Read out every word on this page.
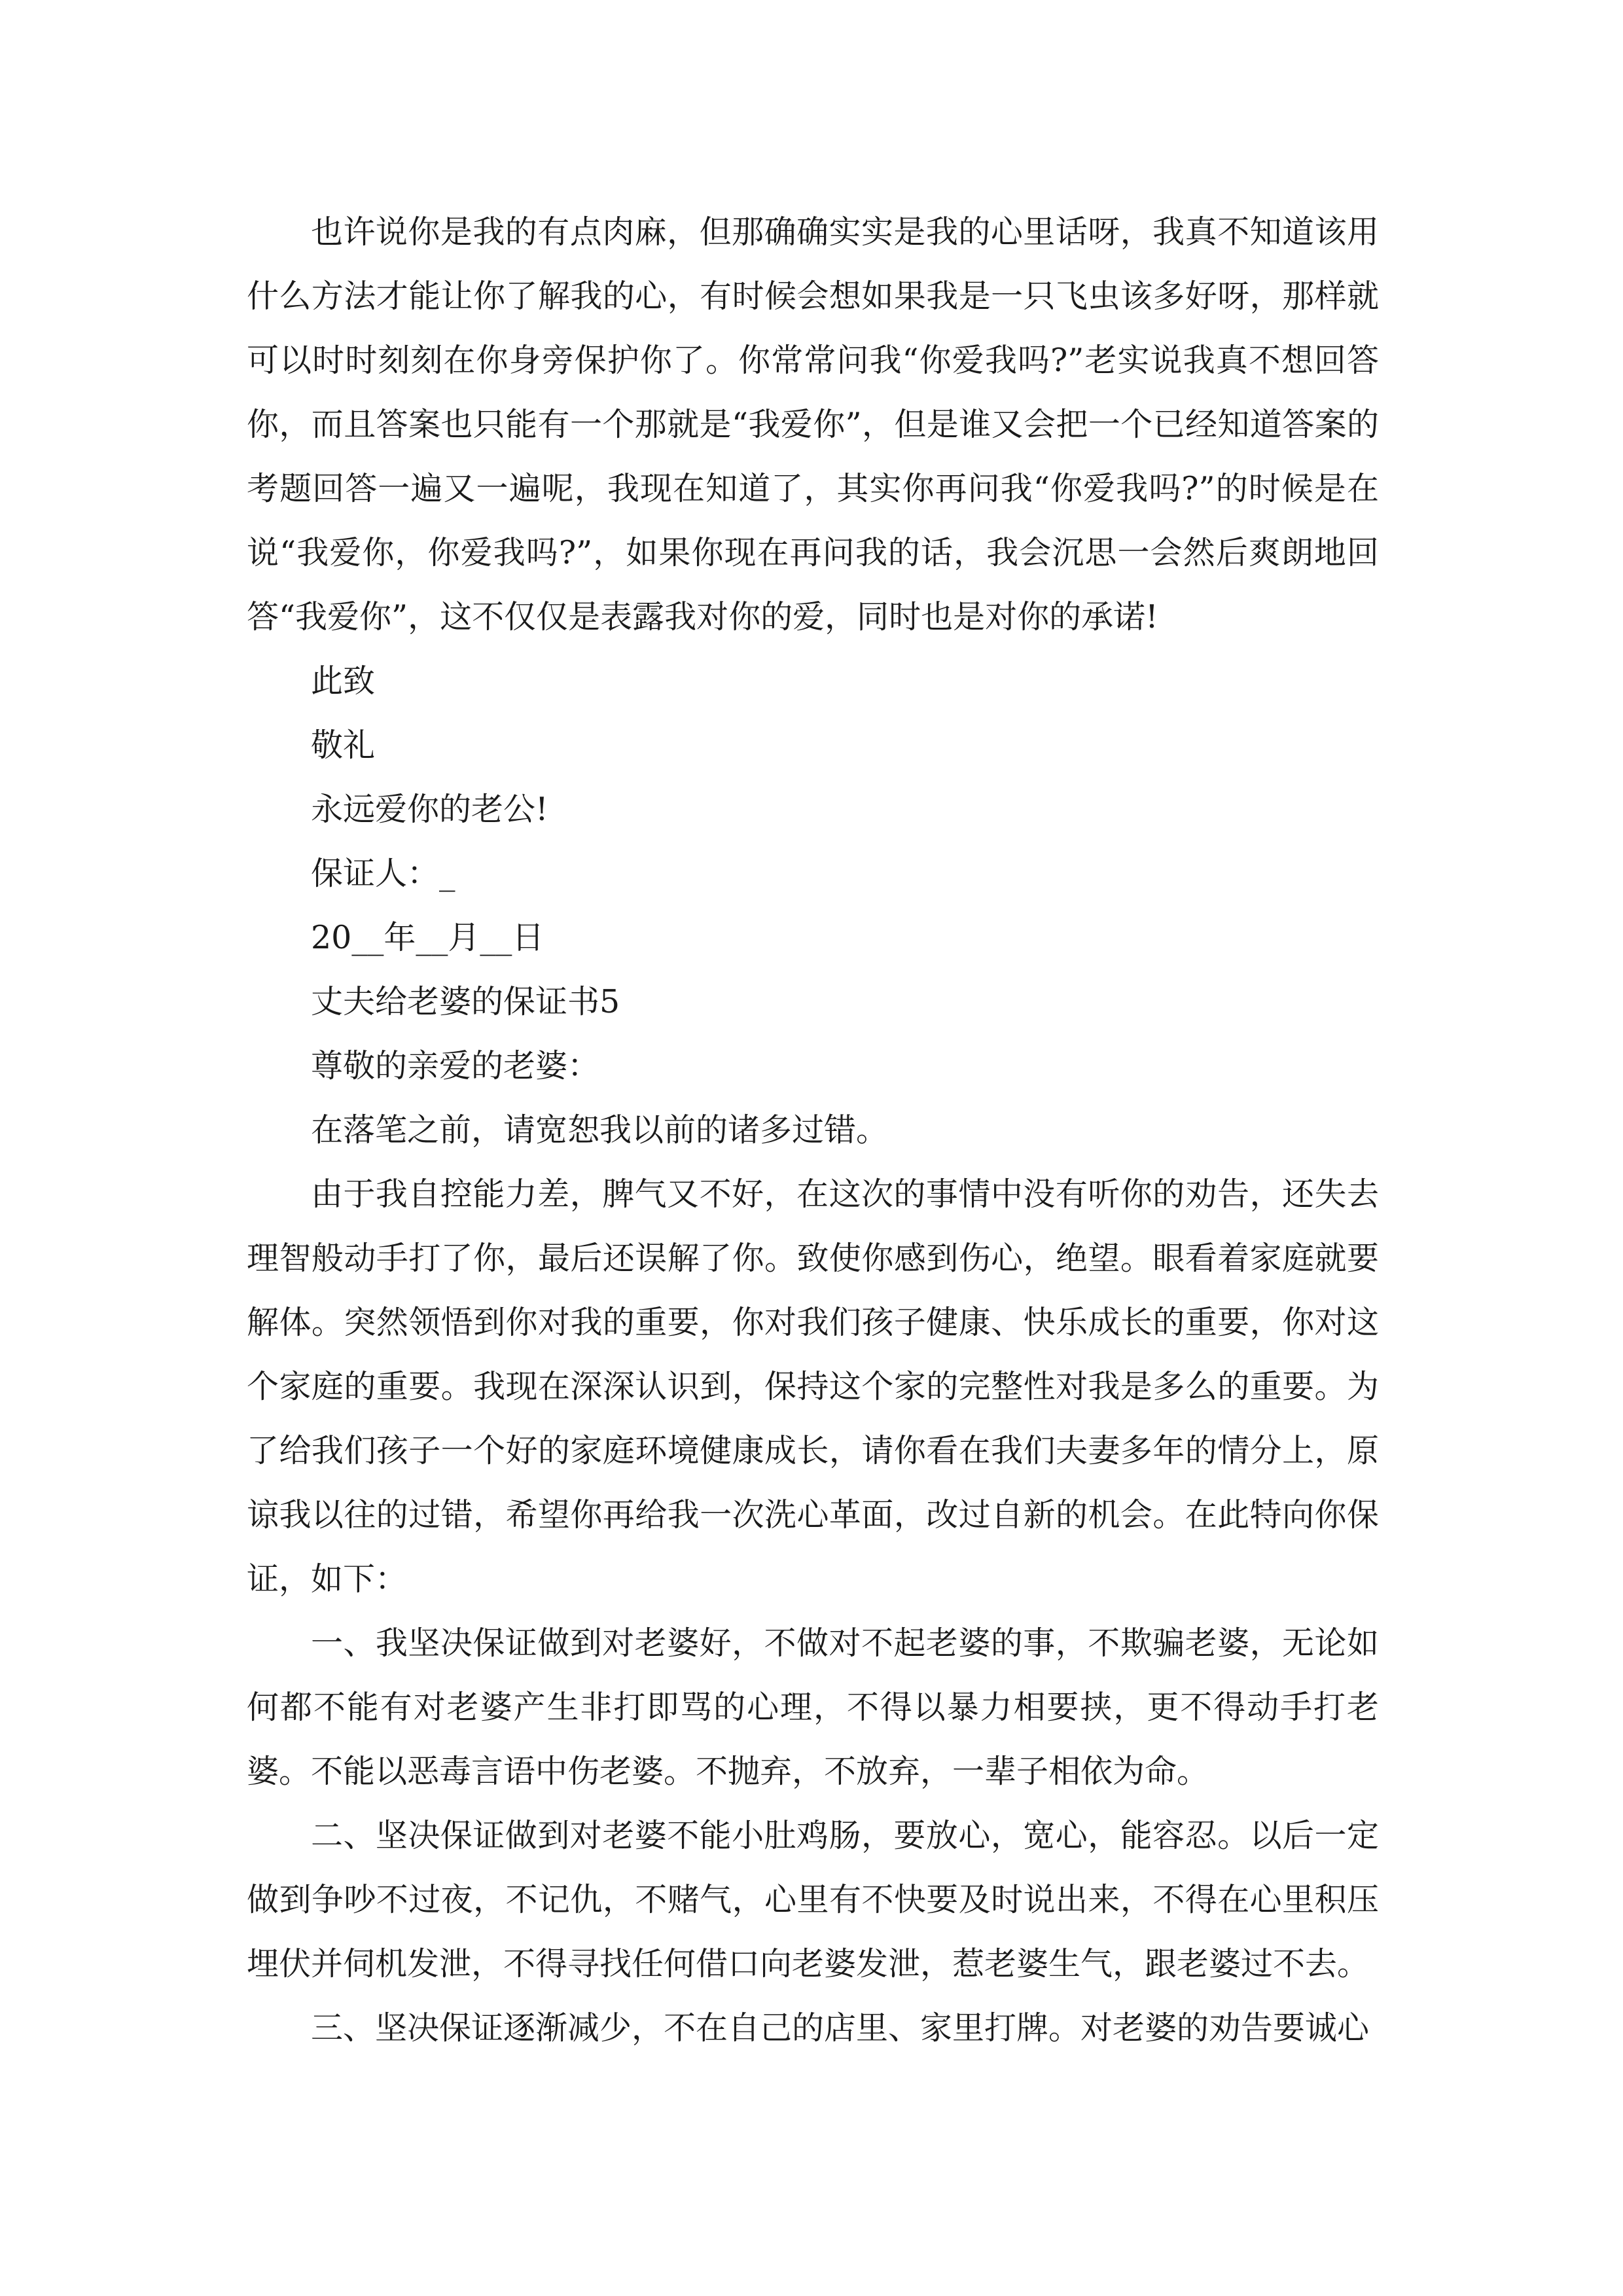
也许说你是我的有点肉麻，但那确确实实是我的心里话呀，我真不知道该用什么方法才能让你了解我的心，有时候会想如果我是一只飞虫该多好呀，那样就可以时时刻刻在你身旁保护你了。你常常问我“你爱我吗?”老实说我真不想回答你，而且答案也只能有一个那就是“我爱你”，但是谁又会把一个已经知道答案的考题回答一遍又一遍呢，我现在知道了，其实你再问我“你爱我吗?”的时候是在说“我爱你，你爱我吗?”，如果你现在再问我的话，我会沉思一会然后爽朗地回答“我爱你”，这不仅仅是表露我对你的爱，同时也是对你的承诺!

此致

敬礼

永远爱你的老公!

保证人：_

20__年__月__日

丈夫给老婆的保证书5

尊敬的亲爱的老婆：

在落笔之前，请宽恕我以前的诸多过错。

由于我自控能力差，脾气又不好，在这次的事情中没有听你的劝告，还失去理智般动手打了你，最后还误解了你。致使你感到伤心，绝望。眼看着家庭就要解体。突然领悟到你对我的重要，你对我们孩子健康、快乐成长的重要，你对这个家庭的重要。我现在深深认识到，保持这个家的完整性对我是多么的重要。为了给我们孩子一个好的家庭环境健康成长，请你看在我们夫妻多年的情分上，原谅我以往的过错，希望你再给我一次洗心革面，改过自新的机会。在此特向你保证，如下：

一、我坚决保证做到对老婆好，不做对不起老婆的事，不欺骗老婆，无论如何都不能有对老婆产生非打即骂的心理，不得以暴力相要挟，更不得动手打老婆。不能以恶毒言语中伤老婆。不抛弃，不放弃，一辈子相依为命。

二、坚决保证做到对老婆不能小肚鸡肠，要放心，宽心，能容忍。以后一定做到争吵不过夜，不记仇，不赌气，心里有不快要及时说出来，不得在心里积压埋伏并伺机发泄，不得寻找任何借口向老婆发泄，惹老婆生气，跟老婆过不去。

三、坚决保证逐渐减少，不在自己的店里、家里打牌。对老婆的劝告要诚心
